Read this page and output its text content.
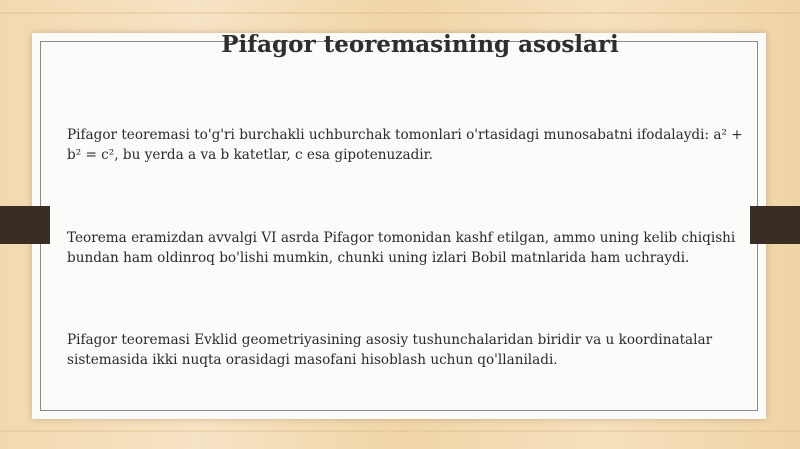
Pifagor teoremasining asoslari

Pifagor teoremasi to'g'ri burchakli uchburchak tomonlari o'rtasidagi munosabatni ifodalaydi: a² + b² = c², bu yerda a va b katetlar, c esa gipotenuzadir.

Teorema eramizdan avvalgi VI asrda Pifagor tomonidan kashf etilgan, ammo uning kelib chiqishi bundan ham oldinroq bo'lishi mumkin, chunki uning izlari Bobil matnlarida ham uchraydi.

Pifagor teoremasi Evklid geometriyasining asosiy tushunchalaridan biridir va u koordinatalar sistemasida ikki nuqta orasidagi masofani hisoblash uchun qo'llaniladi.
